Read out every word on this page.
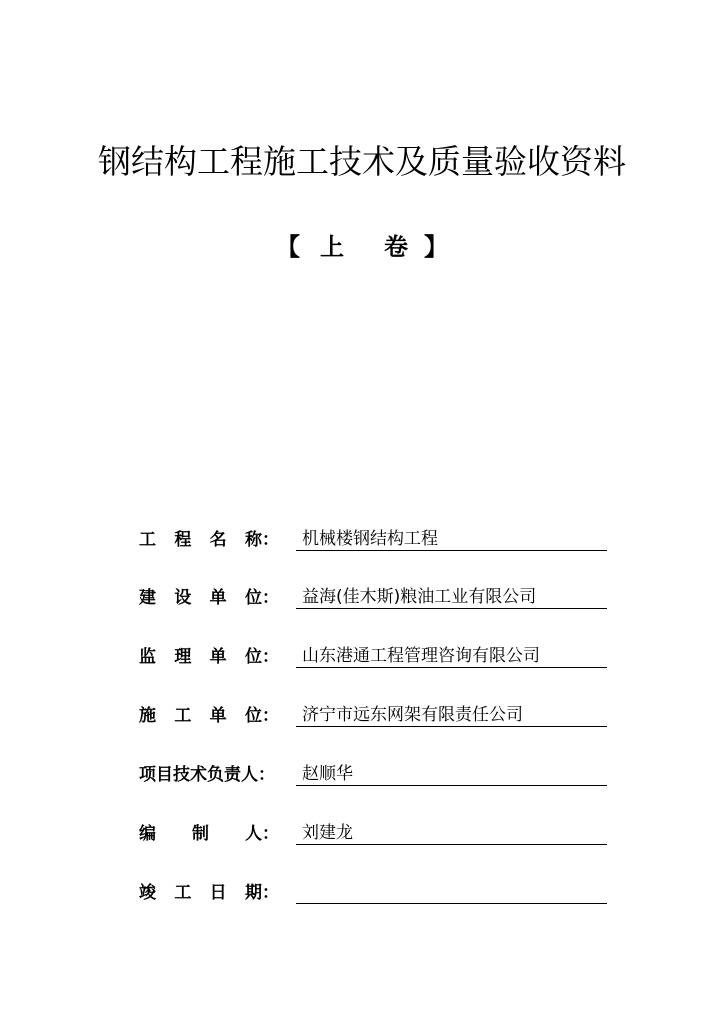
钢结构工程施工技术及质量验收资料
【 上 卷 】
工 程 名 称：	机械楼钢结构工程
建 设 单 位：	益海(佳木斯)粮油工业有限公司
监 理 单 位：	山东港通工程管理咨询有限公司
施 工 单 位：	济宁市远东网架有限责任公司
项目技术负责人：	赵顺华
编 制 人：	刘建龙
竣 工 日 期：
